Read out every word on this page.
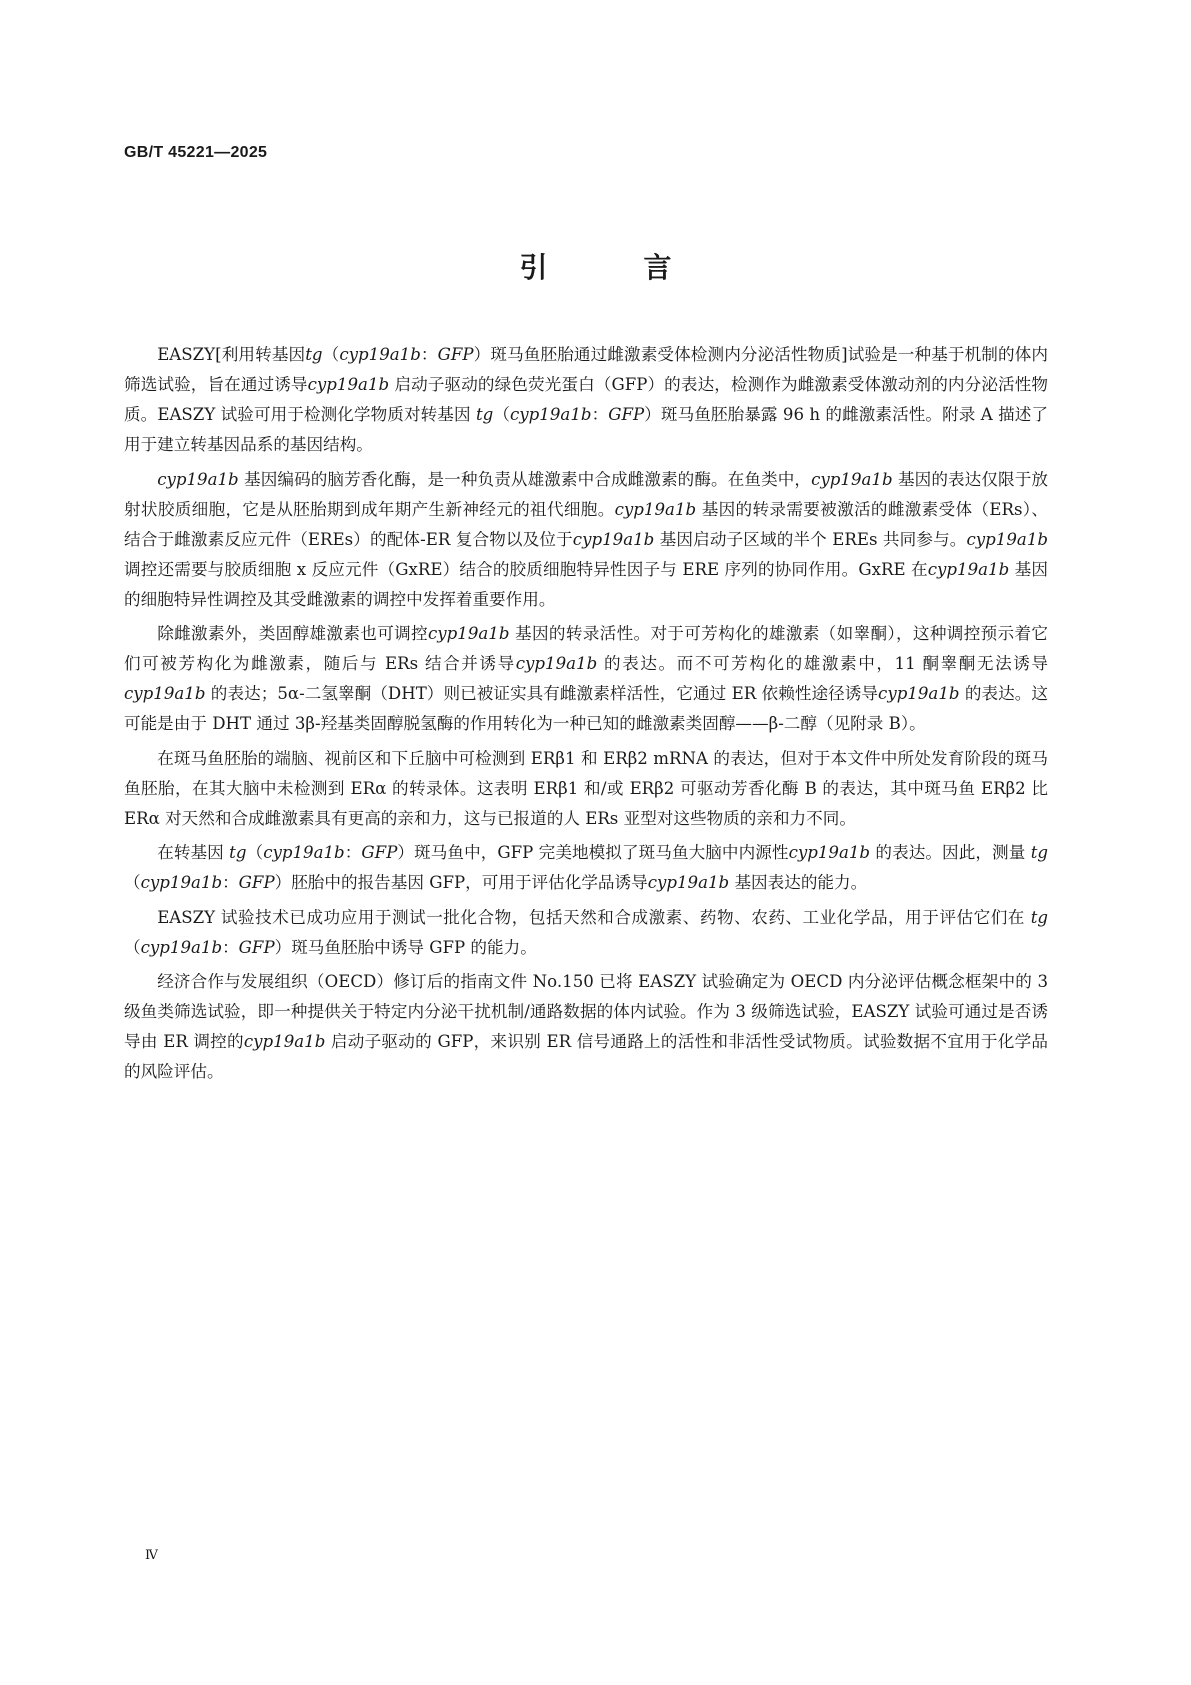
GB/T 45221—2025
引　言

EASZY[利用转基因tg（cyp19a1b：GFP）斑马鱼胚胎通过雌激素受体检测内分泌活性物质]试验是一种基于机制的体内筛选试验，旨在通过诱导cyp19a1b 启动子驱动的绿色荧光蛋白（GFP）的表达，检测作为雌激素受体激动剂的内分泌活性物质。EASZY 试验可用于检测化学物质对转基因 tg（cyp19a1b：GFP）斑马鱼胚胎暴露 96 h 的雌激素活性。附录 A 描述了用于建立转基因品系的基因结构。

cyp19a1b 基因编码的脑芳香化酶，是一种负责从雄激素中合成雌激素的酶。在鱼类中，cyp19a1b 基因的表达仅限于放射状胶质细胞，它是从胚胎期到成年期产生新神经元的祖代细胞。cyp19a1b 基因的转录需要被激活的雌激素受体（ERs）、结合于雌激素反应元件（EREs）的配体-ER 复合物以及位于cyp19a1b 基因启动子区域的半个 EREs 共同参与。cyp19a1b 调控还需要与胶质细胞 x 反应元件（GxRE）结合的胶质细胞特异性因子与 ERE 序列的协同作用。GxRE 在cyp19a1b 基因的细胞特异性调控及其受雌激素的调控中发挥着重要作用。

除雌激素外，类固醇雄激素也可调控cyp19a1b 基因的转录活性。对于可芳构化的雄激素（如睾酮），这种调控预示着它们可被芳构化为雌激素，随后与 ERs 结合并诱导cyp19a1b 的表达。而不可芳构化的雄激素中，11 酮睾酮无法诱导cyp19a1b 的表达；5α-二氢睾酮（DHT）则已被证实具有雌激素样活性，它通过 ER 依赖性途径诱导cyp19a1b 的表达。这可能是由于 DHT 通过 3β-羟基类固醇脱氢酶的作用转化为一种已知的雌激素类固醇——β-二醇（见附录 B）。

在斑马鱼胚胎的端脑、视前区和下丘脑中可检测到 ERβ1 和 ERβ2 mRNA 的表达，但对于本文件中所处发育阶段的斑马鱼胚胎，在其大脑中未检测到 ERα 的转录体。这表明 ERβ1 和/或 ERβ2 可驱动芳香化酶 B 的表达，其中斑马鱼 ERβ2 比 ERα 对天然和合成雌激素具有更高的亲和力，这与已报道的人 ERs 亚型对这些物质的亲和力不同。

在转基因 tg（cyp19a1b：GFP）斑马鱼中，GFP 完美地模拟了斑马鱼大脑中内源性cyp19a1b 的表达。因此，测量 tg（cyp19a1b：GFP）胚胎中的报告基因 GFP，可用于评估化学品诱导cyp19a1b 基因表达的能力。

EASZY 试验技术已成功应用于测试一批化合物，包括天然和合成激素、药物、农药、工业化学品，用于评估它们在 tg（cyp19a1b：GFP）斑马鱼胚胎中诱导 GFP 的能力。

经济合作与发展组织（OECD）修订后的指南文件 No.150 已将 EASZY 试验确定为 OECD 内分泌评估概念框架中的 3 级鱼类筛选试验，即一种提供关于特定内分泌干扰机制/通路数据的体内试验。作为 3 级筛选试验，EASZY 试验可通过是否诱导由 ER 调控的cyp19a1b 启动子驱动的 GFP，来识别 ER 信号通路上的活性和非活性受试物质。试验数据不宜用于化学品的风险评估。

Ⅳ
